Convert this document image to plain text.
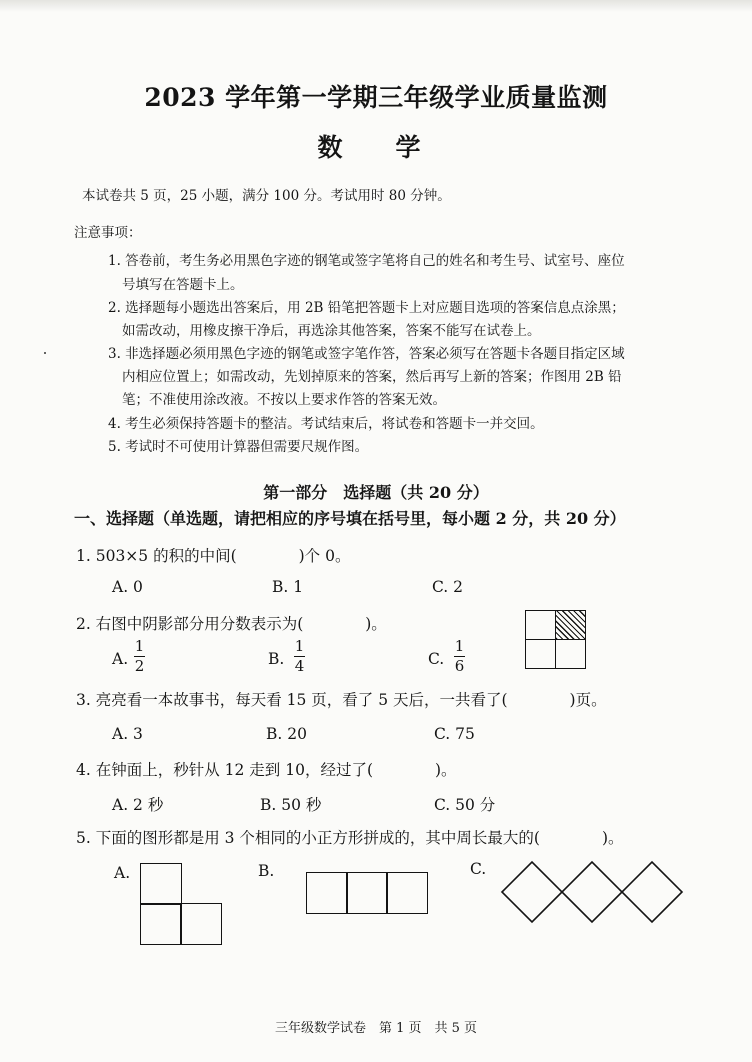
2023 学年第一学期三年级学业质量监测
数　学
本试卷共 5 页，25 小题，满分 100 分。考试用时 80 分钟。
注意事项：
1. 答卷前，考生务必用黑色字迹的钢笔或签字笔将自己的姓名和考生号、试室号、座位
号填写在答题卡上。
2. 选择题每小题选出答案后，用 2B 铅笔把答题卡上对应题目选项的答案信息点涂黑；
如需改动，用橡皮擦干净后，再选涂其他答案，答案不能写在试卷上。
3. 非选择题必须用黑色字迹的钢笔或签字笔作答，答案必须写在答题卡各题目指定区域
内相应位置上；如需改动，先划掉原来的答案，然后再写上新的答案；作图用 2B 铅
笔；不准使用涂改液。不按以上要求作答的答案无效。
4. 考生必须保持答题卡的整洁。考试结束后，将试卷和答题卡一并交回。
5. 考试时不可使用计算器但需要尺规作图。
第一部分　选择题（共 20 分）
一、选择题（单选题，请把相应的序号填在括号里，每小题 2 分，共 20 分）
1. 503×5 的积的中间(　　　　)个 0。
A. 0	B. 1	C. 2
2. 右图中阴影部分用分数表示为(　　　　)。
A.
1
2	B.
1
4	C.
1
6
3. 亮亮看一本故事书，每天看 15 页，看了 5 天后，一共看了(　　　　)页。
A. 3	B. 20	C. 75
4. 在钟面上，秒针从 12 走到 10，经过了(　　　　)。
A. 2 秒	B. 50 秒	C. 50 分
5. 下面的图形都是用 3 个相同的小正方形拼成的，其中周长最大的(　　　　)。
A.	B.	C.
三年级数学试卷　第 1 页　共 5 页
